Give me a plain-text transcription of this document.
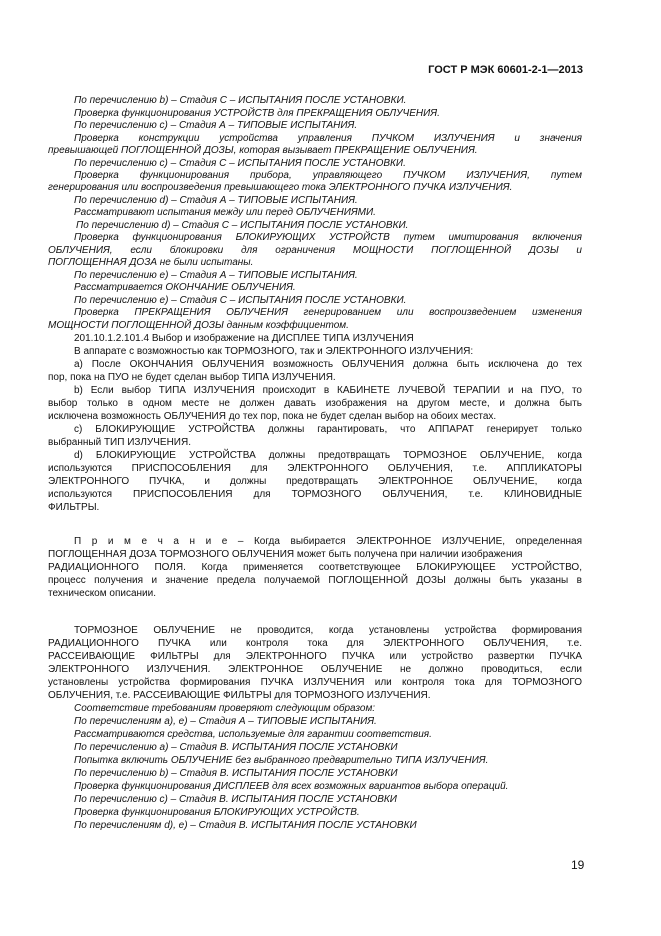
ГОСТ Р МЭК 60601-2-1—2013
По перечислению b) – Стадия С – ИСПЫТАНИЯ ПОСЛЕ УСТАНОВКИ.
Проверка функционирования УСТРОЙСТВ для ПРЕКРАЩЕНИЯ ОБЛУЧЕНИЯ.
По перечислению с) – Стадия А – ТИПОВЫЕ ИСПЫТАНИЯ.
Проверка конструкции устройства управления ПУЧКОМ ИЗЛУЧЕНИЯ и значения
превышающей ПОГЛОЩЕННОЙ ДОЗЫ, которая вызывает ПРЕКРАЩЕНИЕ ОБЛУЧЕНИЯ.
По перечислению с) – Стадия С – ИСПЫТАНИЯ ПОСЛЕ УСТАНОВКИ.
Проверка функционирования прибора, управляющего ПУЧКОМ ИЗЛУЧЕНИЯ, путем
генерирования или воспроизведения превышающего тока ЭЛЕКТРОННОГО ПУЧКА ИЗЛУЧЕНИЯ.
По перечислению d) – Стадия А – ТИПОВЫЕ ИСПЫТАНИЯ.
Рассматривают испытания между или перед ОБЛУЧЕНИЯМИ.
По перечислению d) – Стадия С – ИСПЫТАНИЯ ПОСЛЕ УСТАНОВКИ.
Проверка функционирования БЛОКИРУЮЩИХ УСТРОЙСТВ путем имитирования включения
ОБЛУЧЕНИЯ, если блокировки для ограничения МОЩНОСТИ ПОГЛОЩЕННОЙ ДОЗЫ и
ПОГЛОЩЕННАЯ ДОЗА не были испытаны.
По перечислению е) – Стадия А – ТИПОВЫЕ ИСПЫТАНИЯ.
Рассматривается ОКОНЧАНИЕ ОБЛУЧЕНИЯ.
По перечислению е) – Стадия С – ИСПЫТАНИЯ ПОСЛЕ УСТАНОВКИ.
Проверка ПРЕКРАЩЕНИЯ ОБЛУЧЕНИЯ генерированием или воспроизведением изменения
МОЩНОСТИ ПОГЛОЩЕННОЙ ДОЗЫ данным коэффициентом.
201.10.1.2.101.4 Выбор и изображение на ДИСПЛЕЕ ТИПА ИЗЛУЧЕНИЯ
В аппарате с возможностью как ТОРМОЗНОГО, так и ЭЛЕКТРОННОГО ИЗЛУЧЕНИЯ:
а) После ОКОНЧАНИЯ ОБЛУЧЕНИЯ возможность ОБЛУЧЕНИЯ должна быть исключена до тех
пор, пока на ПУО не будет сделан выбор ТИПА ИЗЛУЧЕНИЯ.
b) Если выбор ТИПА ИЗЛУЧЕНИЯ происходит в КАБИНЕТЕ ЛУЧЕВОЙ ТЕРАПИИ и на ПУО, то
выбор только в одном месте не должен давать изображения на другом месте, и должна быть
исключена возможность ОБЛУЧЕНИЯ до тех пор, пока не будет сделан выбор на обоих местах.
с) БЛОКИРУЮЩИЕ УСТРОЙСТВА должны гарантировать, что АППАРАТ генерирует только
выбранный ТИП ИЗЛУЧЕНИЯ.
d) БЛОКИРУЮЩИЕ УСТРОЙСТВА должны предотвращать ТОРМОЗНОЕ ОБЛУЧЕНИЕ, когда
используются ПРИСПОСОБЛЕНИЯ для ЭЛЕКТРОННОГО ОБЛУЧЕНИЯ, т.е. АППЛИКАТОРЫ
ЭЛЕКТРОННОГО ПУЧКА, и должны предотвращать ЭЛЕКТРОННОЕ ОБЛУЧЕНИЕ, когда
используются ПРИСПОСОБЛЕНИЯ для ТОРМОЗНОГО ОБЛУЧЕНИЯ, т.е. КЛИНОВИДНЫЕ
ФИЛЬТРЫ.
П р и м е ч а н и е – Когда выбирается ЭЛЕКТРОННОЕ ИЗЛУЧЕНИЕ, определенная
ПОГЛОЩЕННАЯ ДОЗА ТОРМОЗНОГО ОБЛУЧЕНИЯ может быть получена при наличии изображения
РАДИАЦИОННОГО ПОЛЯ. Когда применяется соответствующее БЛОКИРУЮЩЕЕ УСТРОЙСТВО,
процесс получения и значение предела получаемой ПОГЛОЩЕННОЙ ДОЗЫ должны быть указаны в
техническом описании.
ТОРМОЗНОЕ ОБЛУЧЕНИЕ не проводится, когда установлены устройства формирования
РАДИАЦИОННОГО ПУЧКА или контроля тока для ЭЛЕКТРОННОГО ОБЛУЧЕНИЯ, т.е.
РАССЕИВАЮЩИЕ ФИЛЬТРЫ для ЭЛЕКТРОННОГО ПУЧКА или устройство развертки ПУЧКА
ЭЛЕКТРОННОГО ИЗЛУЧЕНИЯ. ЭЛЕКТРОННОЕ ОБЛУЧЕНИЕ не должно проводиться, если
установлены устройства формирования ПУЧКА ИЗЛУЧЕНИЯ или контроля тока для ТОРМОЗНОГО
ОБЛУЧЕНИЯ, т.е. РАССЕИВАЮЩИЕ ФИЛЬТРЫ для ТОРМОЗНОГО ИЗЛУЧЕНИЯ.
Соответствие требованиям проверяют следующим образом:
По перечислениям а), е) – Стадия А – ТИПОВЫЕ ИСПЫТАНИЯ.
Рассматриваются средства, используемые для гарантии соответствия.
По перечислению а) – Стадия В. ИСПЫТАНИЯ ПОСЛЕ УСТАНОВКИ
Попытка включить ОБЛУЧЕНИЕ без выбранного предварительно ТИПА ИЗЛУЧЕНИЯ.
По перечислению b) – Стадия В. ИСПЫТАНИЯ ПОСЛЕ УСТАНОВКИ
Проверка функционирования ДИСПЛЕЕВ для всех возможных вариантов выбора операций.
По перечислению с) – Стадия В. ИСПЫТАНИЯ ПОСЛЕ УСТАНОВКИ
Проверка функционирования БЛОКИРУЮЩИХ УСТРОЙСТВ.
По перечислениям d), е) – Стадия В. ИСПЫТАНИЯ ПОСЛЕ УСТАНОВКИ
19
